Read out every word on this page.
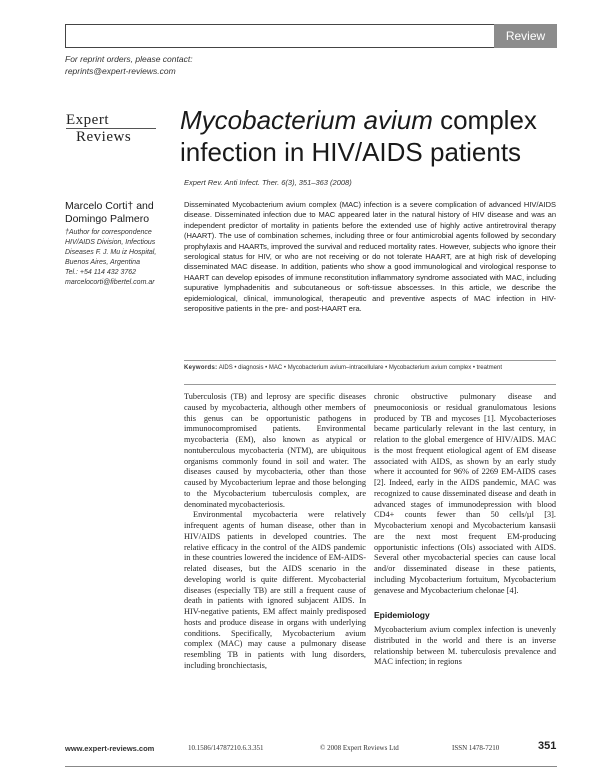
Review
For reprint orders, please contact:
reprints@expert-reviews.com
Expert
Reviews
Mycobacterium avium complex infection in HIV/AIDS patients
Expert Rev. Anti Infect. Ther. 6(3), 351–363 (2008)
Marcelo Corti† and Domingo Palmero
†Author for correspondence
HIV/AIDS Division, Infectious
Diseases F. J. Mu iz Hospital,
Buenos Aires, Argentina
Tel.: +54 114 432 3762
marcelocorti@fibertel.com.ar

Disseminated Mycobacterium avium complex (MAC) infection is a severe complication of advanced HIV/AIDS disease. Disseminated infection due to MAC appeared later in the natural history of HIV disease and was an independent predictor of mortality in patients before the extended use of highly active antiretroviral therapy (HAART). The use of combination schemes, including three or four antimicrobial agents followed by secondary prophylaxis and HAARTs, improved the survival and reduced mortality rates. However, subjects who ignore their serological status for HIV, or who are not receiving or do not tolerate HAART, are at high risk of developing disseminated MAC disease. In addition, patients who show a good immunological and virological response to HAART can develop episodes of immune reconstitution inflammatory syndrome associated with MAC, including supurative lymphadenitis and subcutaneous or soft-tissue abscesses. In this article, we describe the epidemiological, clinical, immunological, therapeutic and preventive aspects of MAC infection in HIV-seropositive patients in the pre- and post-HAART era.

Keywords: AIDS • diagnosis • MAC • Mycobacterium avium–intracellulare • Mycobacterium avium complex • treatment

Tuberculosis (TB) and leprosy are specific diseases caused by mycobacteria, although other members of this genus can be opportunistic pathogens in immunocompromised patients. Environmental mycobacteria (EM), also known as atypical or nontuberculous mycobacteria (NTM), are ubiquitous organisms commonly found in soil and water. The diseases caused by mycobacteria, other than those caused by Mycobacterium leprae and those belonging to the Mycobacterium tuberculosis complex, are denominated mycobacteriosis.

Environmental mycobacteria were relatively infrequent agents of human disease, other than in HIV/AIDS patients in developed countries. The relative efficacy in the control of the AIDS pandemic in these countries lowered the incidence of EM-AIDS-related diseases, but the AIDS scenario in the developing world is quite different. Mycobacterial diseases (especially TB) are still a frequent cause of death in patients with ignored subjacent AIDS. In HIV-negative patients, EM affect mainly predisposed hosts and produce disease in organs with underlying conditions. Specifically, Mycobacterium avium complex (MAC) may cause a pulmonary disease resembling TB in patients with lung disorders, including bronchiectasis,

chronic obstructive pulmonary disease and pneumoconiosis or residual granulomatous lesions produced by TB and mycoses [1]. Mycobacterioses became particularly relevant in the last century, in relation to the global emergence of HIV/AIDS. MAC is the most frequent etiological agent of EM disease associated with AIDS, as shown by an early study where it accounted for 96% of 2269 EM-AIDS cases [2]. Indeed, early in the AIDS pandemic, MAC was recognized to cause disseminated disease and death in advanced stages of immunodepression with blood CD4+ counts fewer than 50 cells/µl [3]. Mycobacterium xenopi and Mycobacterium kansasii are the next most frequent EM-producing opportunistic infections (OIs) associated with AIDS. Several other mycobacterial species can cause local and/or disseminated disease in these patients, including Mycobacterium fortuitum, Mycobacterium genavese and Mycobacterium chelonae [4].

Epidemiology

Mycobacterium avium complex infection is unevenly distributed in the world and there is an inverse relationship between M. tuberculosis prevalence and MAC infection; in regions

www.expert-reviews.com	10.1586/14787210.6.3.351	© 2008 Expert Reviews Ltd	ISSN 1478-7210	351
